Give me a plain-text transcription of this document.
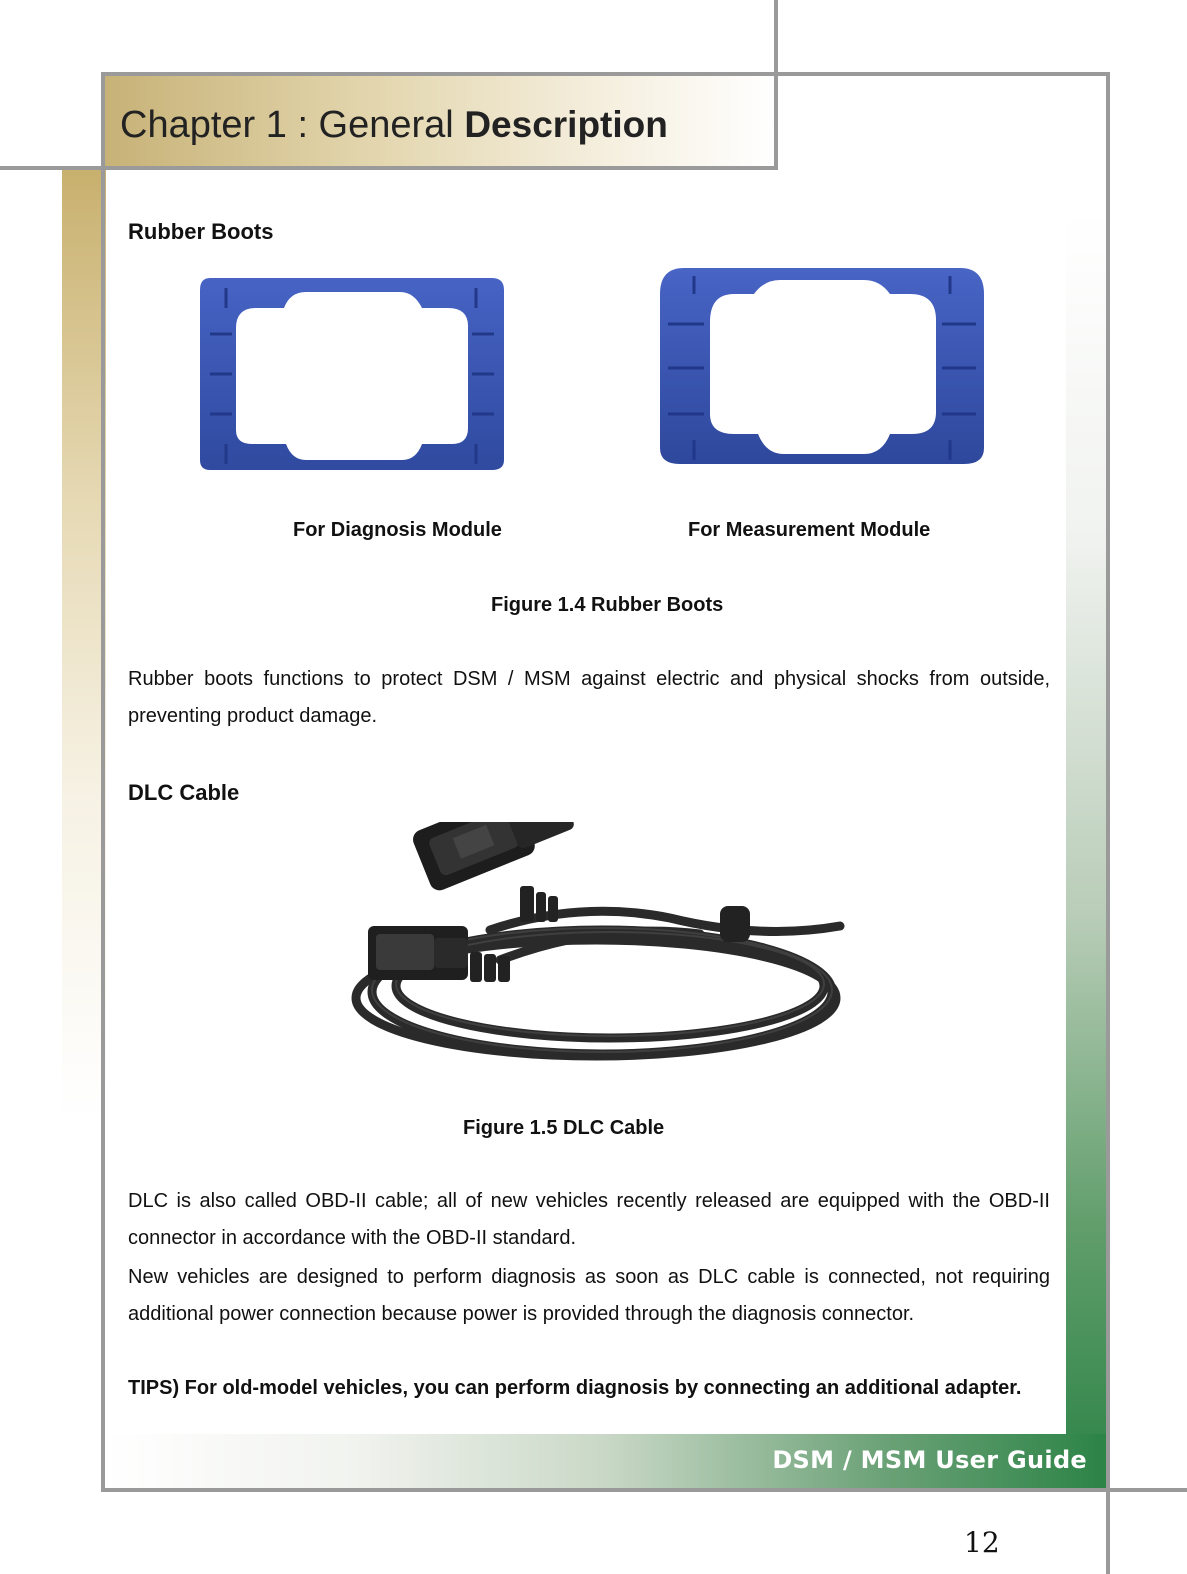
Chapter 1 : General Description
Rubber Boots
For Diagnosis Module	For Measurement Module
Figure 1.4 Rubber Boots
Rubber boots functions to protect DSM / MSM against electric and physical shocks from outside, preventing product damage.
DLC Cable
Figure 1.5 DLC Cable
DLC is also called OBD-II cable; all of new vehicles recently released are equipped with the OBD-II connector in accordance with the OBD-II standard.
New vehicles are designed to perform diagnosis as soon as DLC cable is connected, not requiring additional power connection because power is provided through the diagnosis connector.
TIPS) For old-model vehicles, you can perform diagnosis by connecting an additional adapter.
DSM / MSM User Guide
12
